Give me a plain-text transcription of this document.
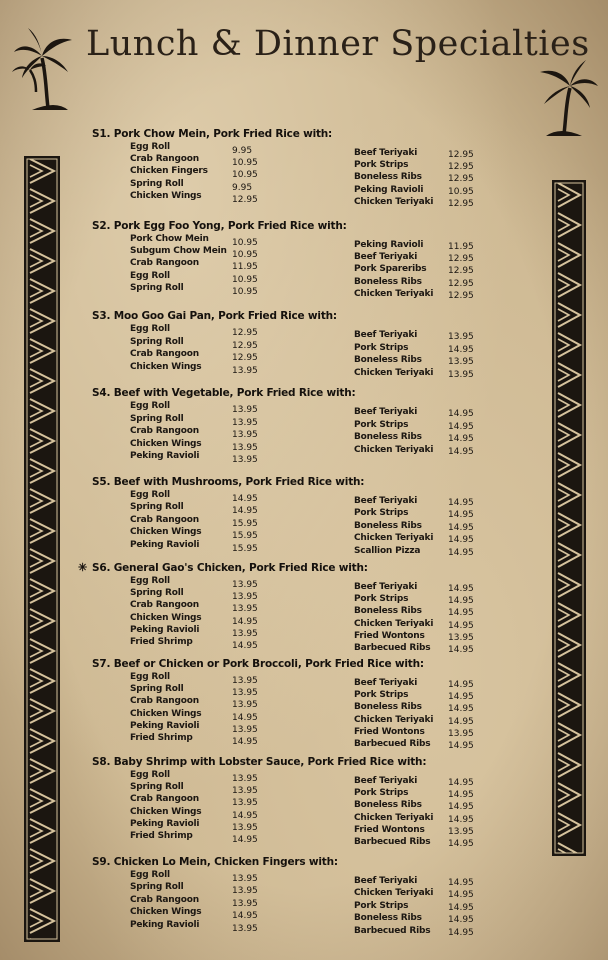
Lunch & Dinner Specialties
S1. Pork Chow Mein, Pork Fried Rice with:
Egg Roll	9.95
Crab Rangoon	10.95
Chicken Fingers	10.95
Spring Roll	9.95
Chicken Wings	12.95
Beef Teriyaki	12.95
Pork Strips	12.95
Boneless Ribs	12.95
Peking Ravioli	10.95
Chicken Teriyaki 12.95
S2. Pork Egg Foo Yong, Pork Fried Rice with:
Pork Chow Mein	10.95
Subgum Chow Mein 10.95
Crab Rangoon	11.95
Egg Roll	10.95
Spring Roll	10.95
Peking Ravioli	11.95
Beef Teriyaki	12.95
Pork Spareribs 12.95
Boneless Ribs	12.95
Chicken Teriyaki 12.95
S3. Moo Goo Gai Pan, Pork Fried Rice with:
Egg Roll	12.95
Spring Roll	12.95
Crab Rangoon	12.95
Chicken Wings	13.95
Beef Teriyaki	13.95
Pork Strips	14.95
Boneless Ribs	13.95
Chicken Teriyaki 13.95
S4. Beef with Vegetable, Pork Fried Rice with:
Egg Roll	13.95
Spring Roll	13.95
Crab Rangoon	13.95
Chicken Wings	13.95
Peking Ravioli	13.95
Beef Teriyaki	14.95
Pork Strips	14.95
Boneless Ribs	14.95
Chicken Teriyaki 14.95
S5. Beef with Mushrooms, Pork Fried Rice with:
Egg Roll	14.95
Spring Roll	14.95
Crab Rangoon	15.95
Chicken Wings	15.95
Peking Ravioli	15.95
Beef Teriyaki	14.95
Pork Strips	14.95
Boneless Ribs	14.95
Chicken Teriyaki 14.95
Scallion Pizza	14.95
S6. General Gao's Chicken, Pork Fried Rice with:
Egg Roll	13.95
Spring Roll	13.95
Crab Rangoon	13.95
Chicken Wings	14.95
Peking Ravioli	13.95
Fried Shrimp	14.95
Beef Teriyaki	14.95
Pork Strips	14.95
Boneless Ribs	14.95
Chicken Teriyaki 14.95
Fried Wontons	13.95
Barbecued Ribs 14.95
S7. Beef or Chicken or Pork Broccoli, Pork Fried Rice with:
Egg Roll	13.95
Spring Roll	13.95
Crab Rangoon	13.95
Chicken Wings	14.95
Peking Ravioli	13.95
Fried Shrimp	14.95
Beef Teriyaki	14.95
Pork Strips	14.95
Boneless Ribs	14.95
Chicken Teriyaki 14.95
Fried Wontons	13.95
Barbecued Ribs 14.95
S8. Baby Shrimp with Lobster Sauce, Pork Fried Rice with:
Egg Roll	13.95
Spring Roll	13.95
Crab Rangoon	13.95
Chicken Wings	14.95
Peking Ravioli	13.95
Fried Shrimp	14.95
Beef Teriyaki	14.95
Pork Strips	14.95
Boneless Ribs	14.95
Chicken Teriyaki 14.95
Fried Wontons	13.95
Barbecued Ribs 14.95
S9. Chicken Lo Mein, Chicken Fingers with:
Egg Roll	13.95
Spring Roll	13.95
Crab Rangoon	13.95
Chicken Wings	14.95
Peking Ravioli	13.95
Beef Teriyaki	14.95
Chicken Teriyaki 14.95
Pork Strips	14.95
Boneless Ribs	14.95
Barbecued Ribs 14.95
✳
